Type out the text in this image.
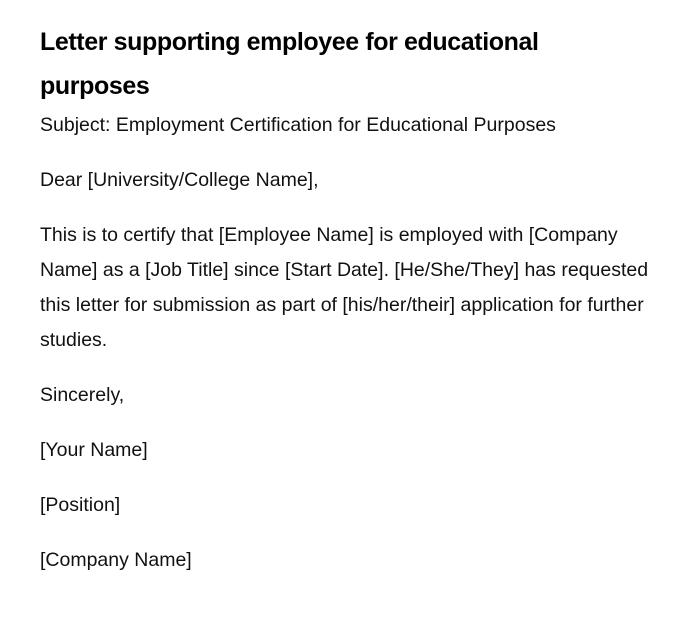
Letter supporting employee for educational purposes

Subject: Employment Certification for Educational Purposes

Dear [University/College Name],

This is to certify that [Employee Name] is employed with [Company Name] as a [Job Title] since [Start Date]. [He/She/They] has requested this letter for submission as part of [his/her/their] application for further studies.

Sincerely,

[Your Name]

[Position]

[Company Name]
